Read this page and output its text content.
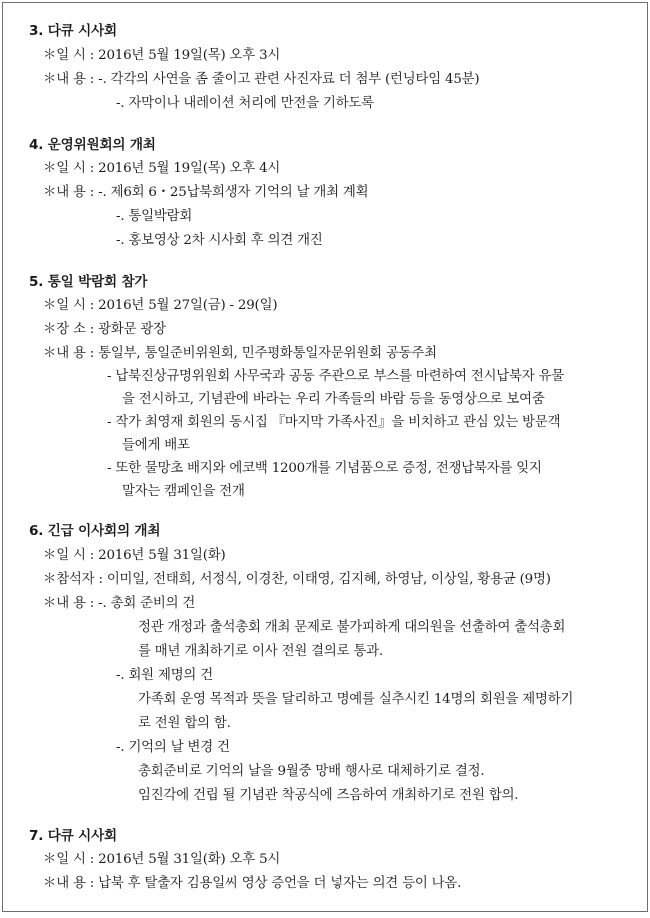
3. 다큐 시사회
＊일 시 : 2016년 5월 19일(목) 오후 3시
＊내 용 : -. 각각의 사연을 좀 줄이고 관련 사진자료 더 첨부 (런닝타임 45분)
-. 자막이나 내레이션 처리에 만전을 기하도록
4. 운영위원회의 개최
＊일 시 : 2016년 5월 19일(목) 오후 4시
＊내 용 : -. 제6회 6・25납북희생자 기억의 날 개최 계획
-. 통일박람회
-. 홍보영상 2차 시사회 후 의견 개진
5. 통일 박람회 참가
＊일 시 : 2016년 5월 27일(금) - 29(일)
＊장 소 : 광화문 광장
＊내 용 : 통일부, 통일준비위원회, 민주평화통일자문위원회 공동주최
- 납북진상규명위원회 사무국과 공동 주관으로 부스를 마련하여 전시납북자 유물
을 전시하고, 기념관에 바라는 우리 가족들의 바람 등을 동영상으로 보여줌
- 작가 최영재 회원의 동시집 『마지막 가족사진』을 비치하고 관심 있는 방문객
들에게 배포
- 또한 물망초 배지와 에코백 1200개를 기념품으로 증정, 전쟁납북자를 잊지
말자는 캠페인을 전개
6. 긴급 이사회의 개최
＊일 시 : 2016년 5월 31일(화)
＊참석자 : 이미일, 전태희, 서정식, 이경찬, 이태영, 김지혜, 하영남, 이상일, 황용균 (9명)
＊내 용 : -. 총회 준비의 건
정관 개정과 출석총회 개최 문제로 불가피하게 대의원을 선출하여 출석총회
를 매년 개최하기로 이사 전원 결의로 통과.
-. 회원 제명의 건
가족회 운영 목적과 뜻을 달리하고 명예를 실추시킨 14명의 회원을 제명하기
로 전원 합의 함.
-. 기억의 날 변경 건
총회준비로 기억의 날을 9월중 망배 행사로 대체하기로 결정.
임진각에 건립 될 기념관 착공식에 즈음하여 개최하기로 전원 합의.
7. 다큐 시사회
＊일 시 : 2016년 5월 31일(화) 오후 5시
＊내 용 : 납북 후 탈출자 김용일씨 영상 증언을 더 넣자는 의견 등이 나옴.
